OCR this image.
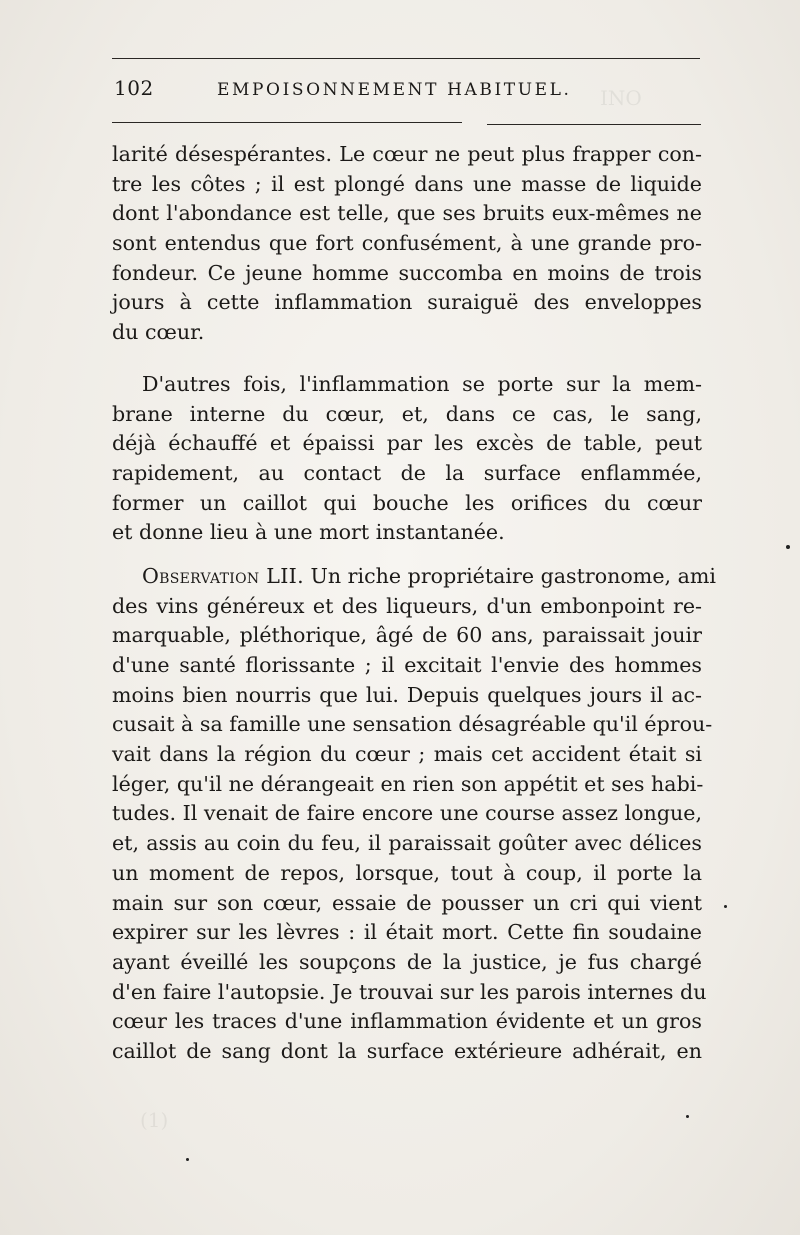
INO
(1)
102	EMPOISONNEMENT HABITUEL.
larité désespérantes. Le cœur ne peut plus frapper con-
tre les côtes ; il est plongé dans une masse de liquide
dont l'abondance est telle, que ses bruits eux-mêmes ne
sont entendus que fort confusément, à une grande pro-
fondeur. Ce jeune homme succomba en moins de trois
jours à cette inflammation suraiguë des enveloppes
du cœur.
D'autres fois, l'inflammation se porte sur la mem-
brane interne du cœur, et, dans ce cas, le sang,
déjà échauffé et épaissi par les excès de table, peut
rapidement, au contact de la surface enflammée,
former un caillot qui bouche les orifices du cœur
et donne lieu à une mort instantanée.
Observation LII. Un riche propriétaire gastronome, ami
des vins généreux et des liqueurs, d'un embonpoint re-
marquable, pléthorique, âgé de 60 ans, paraissait jouir
d'une santé florissante ; il excitait l'envie des hommes
moins bien nourris que lui. Depuis quelques jours il ac-
cusait à sa famille une sensation désagréable qu'il éprou-
vait dans la région du cœur ; mais cet accident était si
léger, qu'il ne dérangeait en rien son appétit et ses habi-
tudes. Il venait de faire encore une course assez longue,
et, assis au coin du feu, il paraissait goûter avec délices
un moment de repos, lorsque, tout à coup, il porte la
main sur son cœur, essaie de pousser un cri qui vient
expirer sur les lèvres : il était mort. Cette fin soudaine
ayant éveillé les soupçons de la justice, je fus chargé
d'en faire l'autopsie. Je trouvai sur les parois internes du
cœur les traces d'une inflammation évidente et un gros
caillot de sang dont la surface extérieure adhérait, en
